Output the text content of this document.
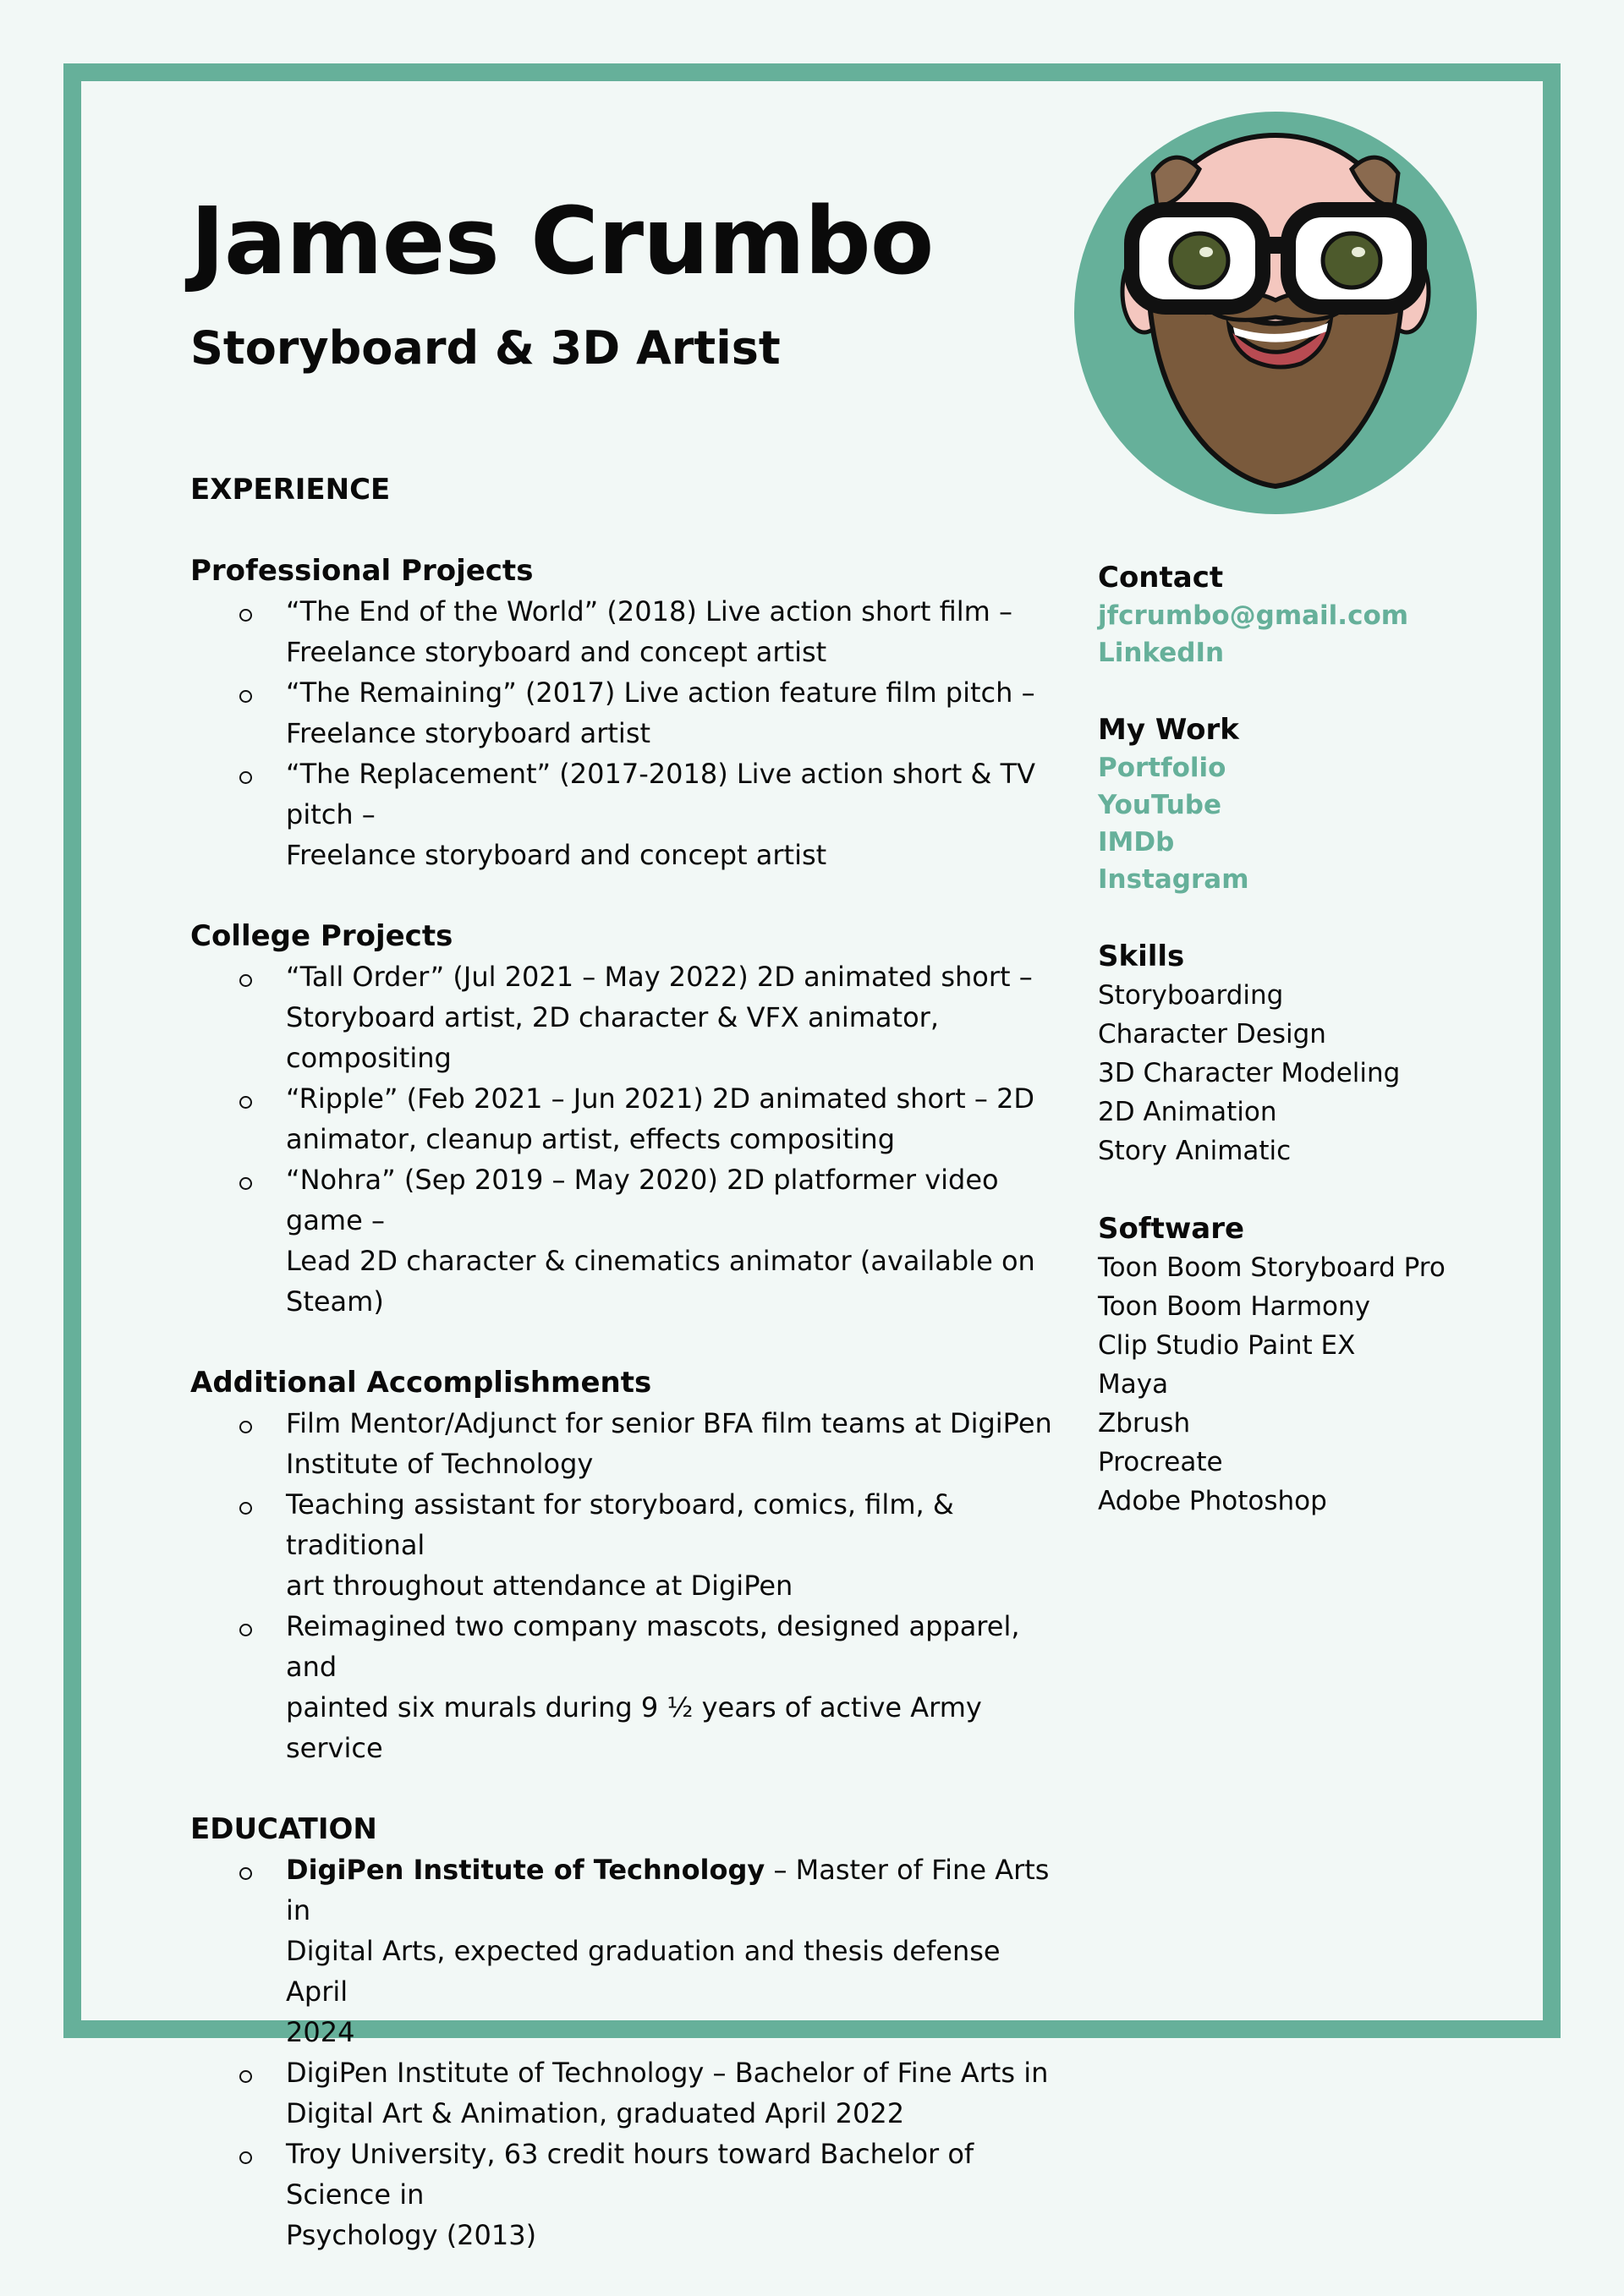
James Crumbo
Storyboard & 3D Artist

EXPERIENCE

Professional Projects

“The End of the World” (2018) Live action short film –
Freelance storyboard and concept artist
“The Remaining” (2017) Live action feature film pitch –
Freelance storyboard artist
“The Replacement” (2017-2018) Live action short & TV pitch –
Freelance storyboard and concept artist

College Projects

“Tall Order” (Jul 2021 – May 2022) 2D animated short –
Storyboard artist, 2D character & VFX animator, compositing
“Ripple” (Feb 2021 – Jun 2021) 2D animated short – 2D
animator, cleanup artist, effects compositing
“Nohra” (Sep 2019 – May 2020) 2D platformer video game –
Lead 2D character & cinematics animator (available on Steam)

Additional Accomplishments

Film Mentor/Adjunct for senior BFA film teams at DigiPen
Institute of Technology
Teaching assistant for storyboard, comics, film, & traditional
art throughout attendance at DigiPen
Reimagined two company mascots, designed apparel, and
painted six murals during 9 ½ years of active Army service

EDUCATION

DigiPen Institute of Technology – Master of Fine Arts in
Digital Arts, expected graduation and thesis defense April
2024
DigiPen Institute of Technology – Bachelor of Fine Arts in
Digital Art & Animation, graduated April 2022
Troy University, 63 credit hours toward Bachelor of Science in
Psychology (2013)
Contact
jfcrumbo@gmail.com
LinkedIn
My Work
Portfolio
YouTube
IMDb
Instagram
Skills
Storyboarding
Character Design
3D Character Modeling
2D Animation
Story Animatic
Software
Toon Boom Storyboard Pro
Toon Boom Harmony
Clip Studio Paint EX
Maya
Zbrush
Procreate
Adobe Photoshop
